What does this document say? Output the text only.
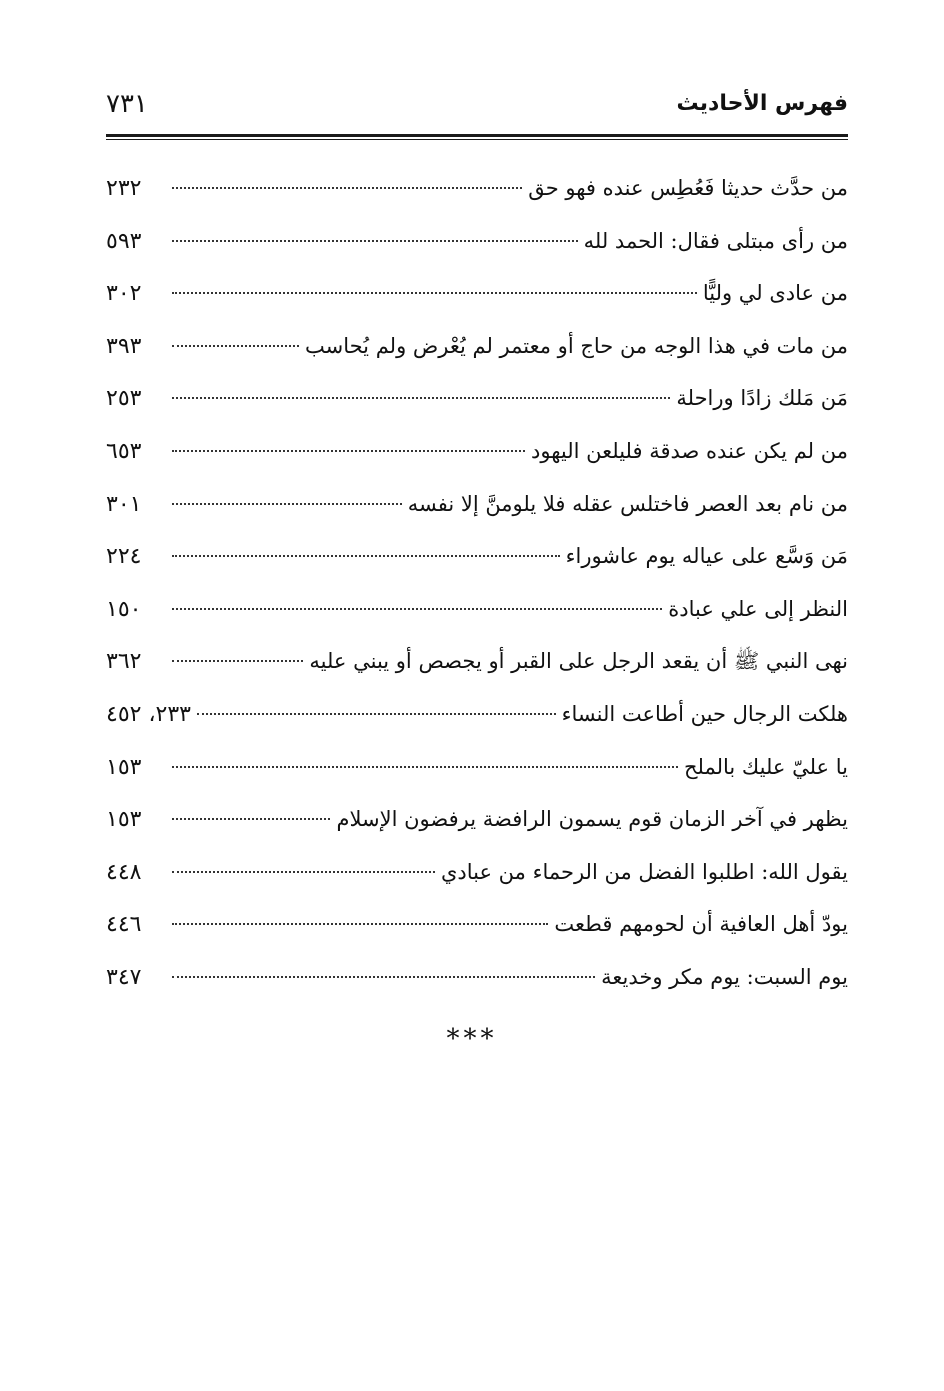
فهرس الأحاديث
٧٣١
من حدَّث حديثا فَعُطِس عنده فهو حق
٢٣٢
من رأى مبتلى فقال: الحمد لله
٥٩٣
من عادى لي وليًّا
٣٠٢
من مات في هذا الوجه من حاج أو معتمر لم يُعْرض ولم يُحاسب
٣٩٣
مَن مَلك زادًا وراحلة
٢٥٣
من لم يكن عنده صدقة فليلعن اليهود
٦٥٣
من نام بعد العصر فاختلس عقله فلا يلومنَّ إلا نفسه
٣٠١
مَن وَسَّع على عياله يوم عاشوراء
٢٢٤
النظر إلى علي عبادة
١٥٠
نهى النبي ﷺ أن يقعد الرجل على القبر أو يجصص أو يبني عليه
٣٦٢
هلكت الرجال حين أطاعت النساء
٢٣٣، ٤٥٢
يا عليّ عليك بالملح
١٥٣
يظهر في آخر الزمان قوم يسمون الرافضة يرفضون الإسلام
١٥٣
يقول الله: اطلبوا الفضل من الرحماء من عبادي
٤٤٨
يودّ أهل العافية أن لحومهم قطعت
٤٤٦
يوم السبت: يوم مكر وخديعة
٣٤٧
***
